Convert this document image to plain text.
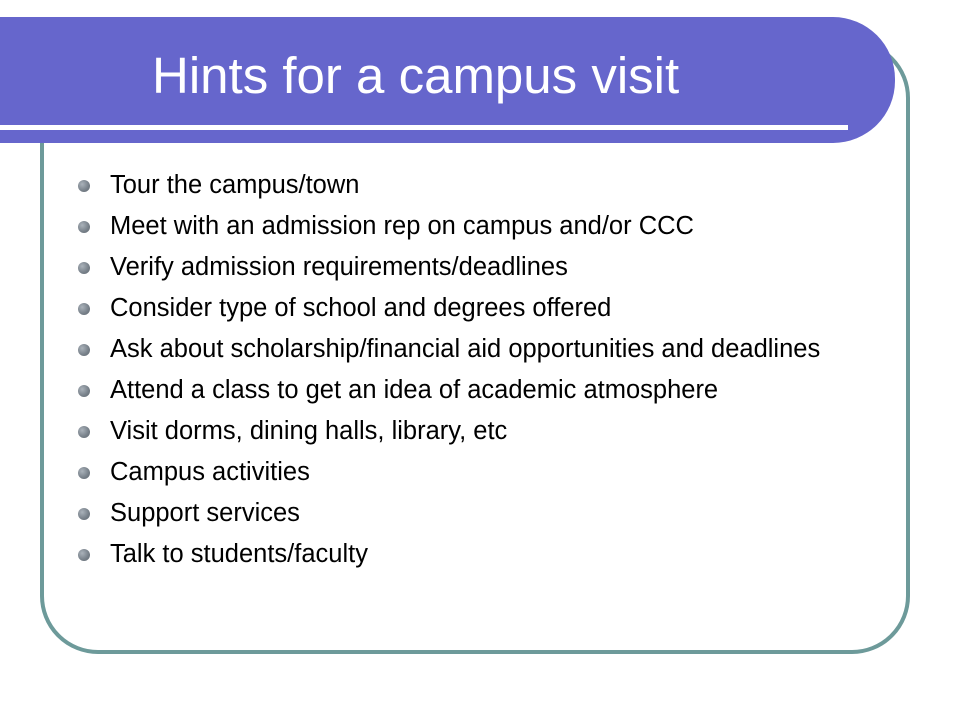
Hints for a campus visit
Tour the campus/town
Meet with an admission rep on campus and/or CCC
Verify admission requirements/deadlines
Consider type of school and degrees offered
Ask about scholarship/financial aid opportunities and deadlines
Attend a class to get an idea of academic atmosphere
Visit dorms, dining halls, library, etc
Campus activities
Support services
Talk to students/faculty
